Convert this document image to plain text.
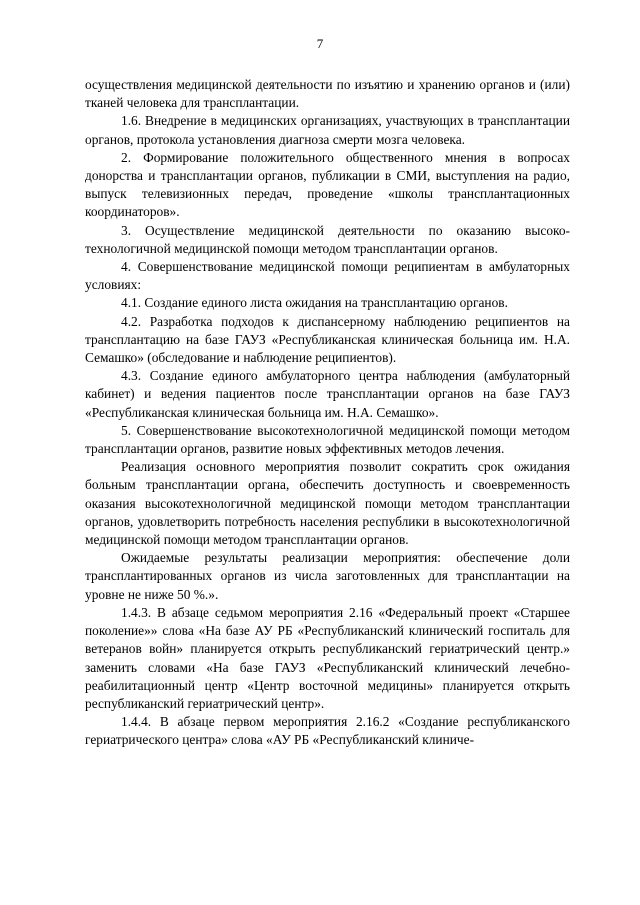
7

осуществления медицинской деятельности по изъятию и хранению органов и (или) тканей человека для трансплантации.

1.6. Внедрение в медицинских организациях, участвующих в трансплантации органов, протокола установления диагноза смерти мозга человека.

2. Формирование положительного общественного мнения в вопросах донорства и трансплантации органов, публикации в СМИ, выступления на радио, выпуск телевизионных передач, проведение «школы трансплантационных координаторов».

3. Осуществление медицинской деятельности по оказанию высокотехнологичной медицинской помощи методом трансплантации органов.

4. Совершенствование медицинской помощи реципиентам в амбулаторных условиях:

4.1. Создание единого листа ожидания на трансплантацию органов.

4.2. Разработка подходов к диспансерному наблюдению реципиентов на трансплантацию на базе ГАУЗ «Республиканская клиническая больница им. Н.А. Семашко» (обследование и наблюдение реципиентов).

4.3. Создание единого амбулаторного центра наблюдения (амбулаторный кабинет) и ведения пациентов после трансплантации органов на базе ГАУЗ «Республиканская клиническая больница им. Н.А. Семашко».

5. Совершенствование высокотехнологичной медицинской помощи методом трансплантации органов, развитие новых эффективных методов лечения.

Реализация основного мероприятия позволит сократить срок ожидания больным трансплантации органа, обеспечить доступность и своевременность оказания высокотехнологичной медицинской помощи методом трансплантации органов, удовлетворить потребность населения республики в высокотехнологичной медицинской помощи методом трансплантации органов.

Ожидаемые результаты реализации мероприятия: обеспечение доли трансплантированных органов из числа заготовленных для трансплантации на уровне не ниже 50 %.».

1.4.3. В абзаце седьмом мероприятия 2.16 «Федеральный проект «Старшее поколение»» слова «На базе АУ РБ «Республиканский клинический госпиталь для ветеранов войн» планируется открыть республиканский гериатрический центр.» заменить словами «На базе ГАУЗ «Республиканский клинический лечебно-реабилитационный центр «Центр восточной медицины» планируется открыть республиканский гериатрический центр».

1.4.4. В абзаце первом мероприятия 2.16.2 «Создание республиканского гериатрического центра» слова «АУ РБ «Республиканский клиниче-
